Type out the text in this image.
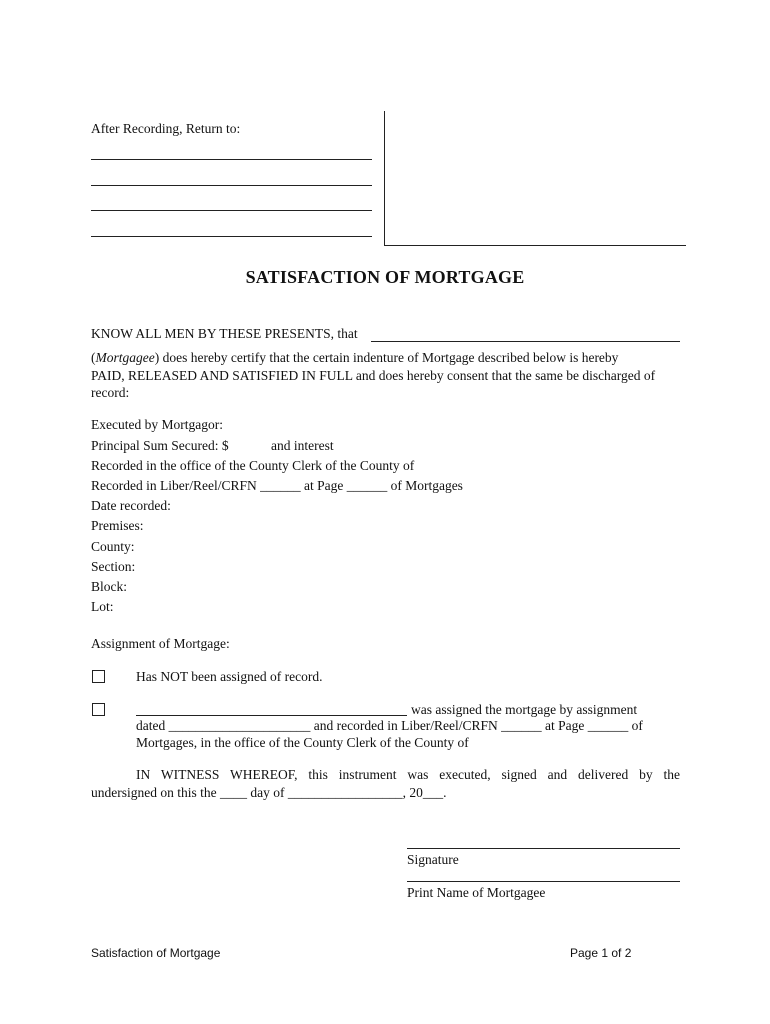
After Recording, Return to:
SATISFACTION OF MORTGAGE
KNOW ALL MEN BY THESE PRESENTS, that
(Mortgagee) does hereby certify that the certain indenture of Mortgage described below is hereby
PAID, RELEASED AND SATISFIED IN FULL and does hereby consent that the same be discharged of
record:
Executed by Mortgagor:
Principal Sum Secured: $	and interest
Recorded in the office of the County Clerk of the County of
Recorded in Liber/Reel/CRFN ______ at Page ______ of Mortgages
Date recorded:
Premises:
County:
Section:
Block:
Lot:
Assignment of Mortgage:
Has NOT been assigned of record.
was assigned the mortgage by assignment
dated _____________________ and recorded in Liber/Reel/CRFN ______ at Page ______ of
Mortgages, in the office of the County Clerk of the County of
IN WITNESS WHEREOF, this instrument was executed, signed and delivered by the
undersigned on this the ____ day of _________________, 20___.
Signature
Print Name of Mortgagee
Satisfaction of Mortgage	Page 1 of 2
